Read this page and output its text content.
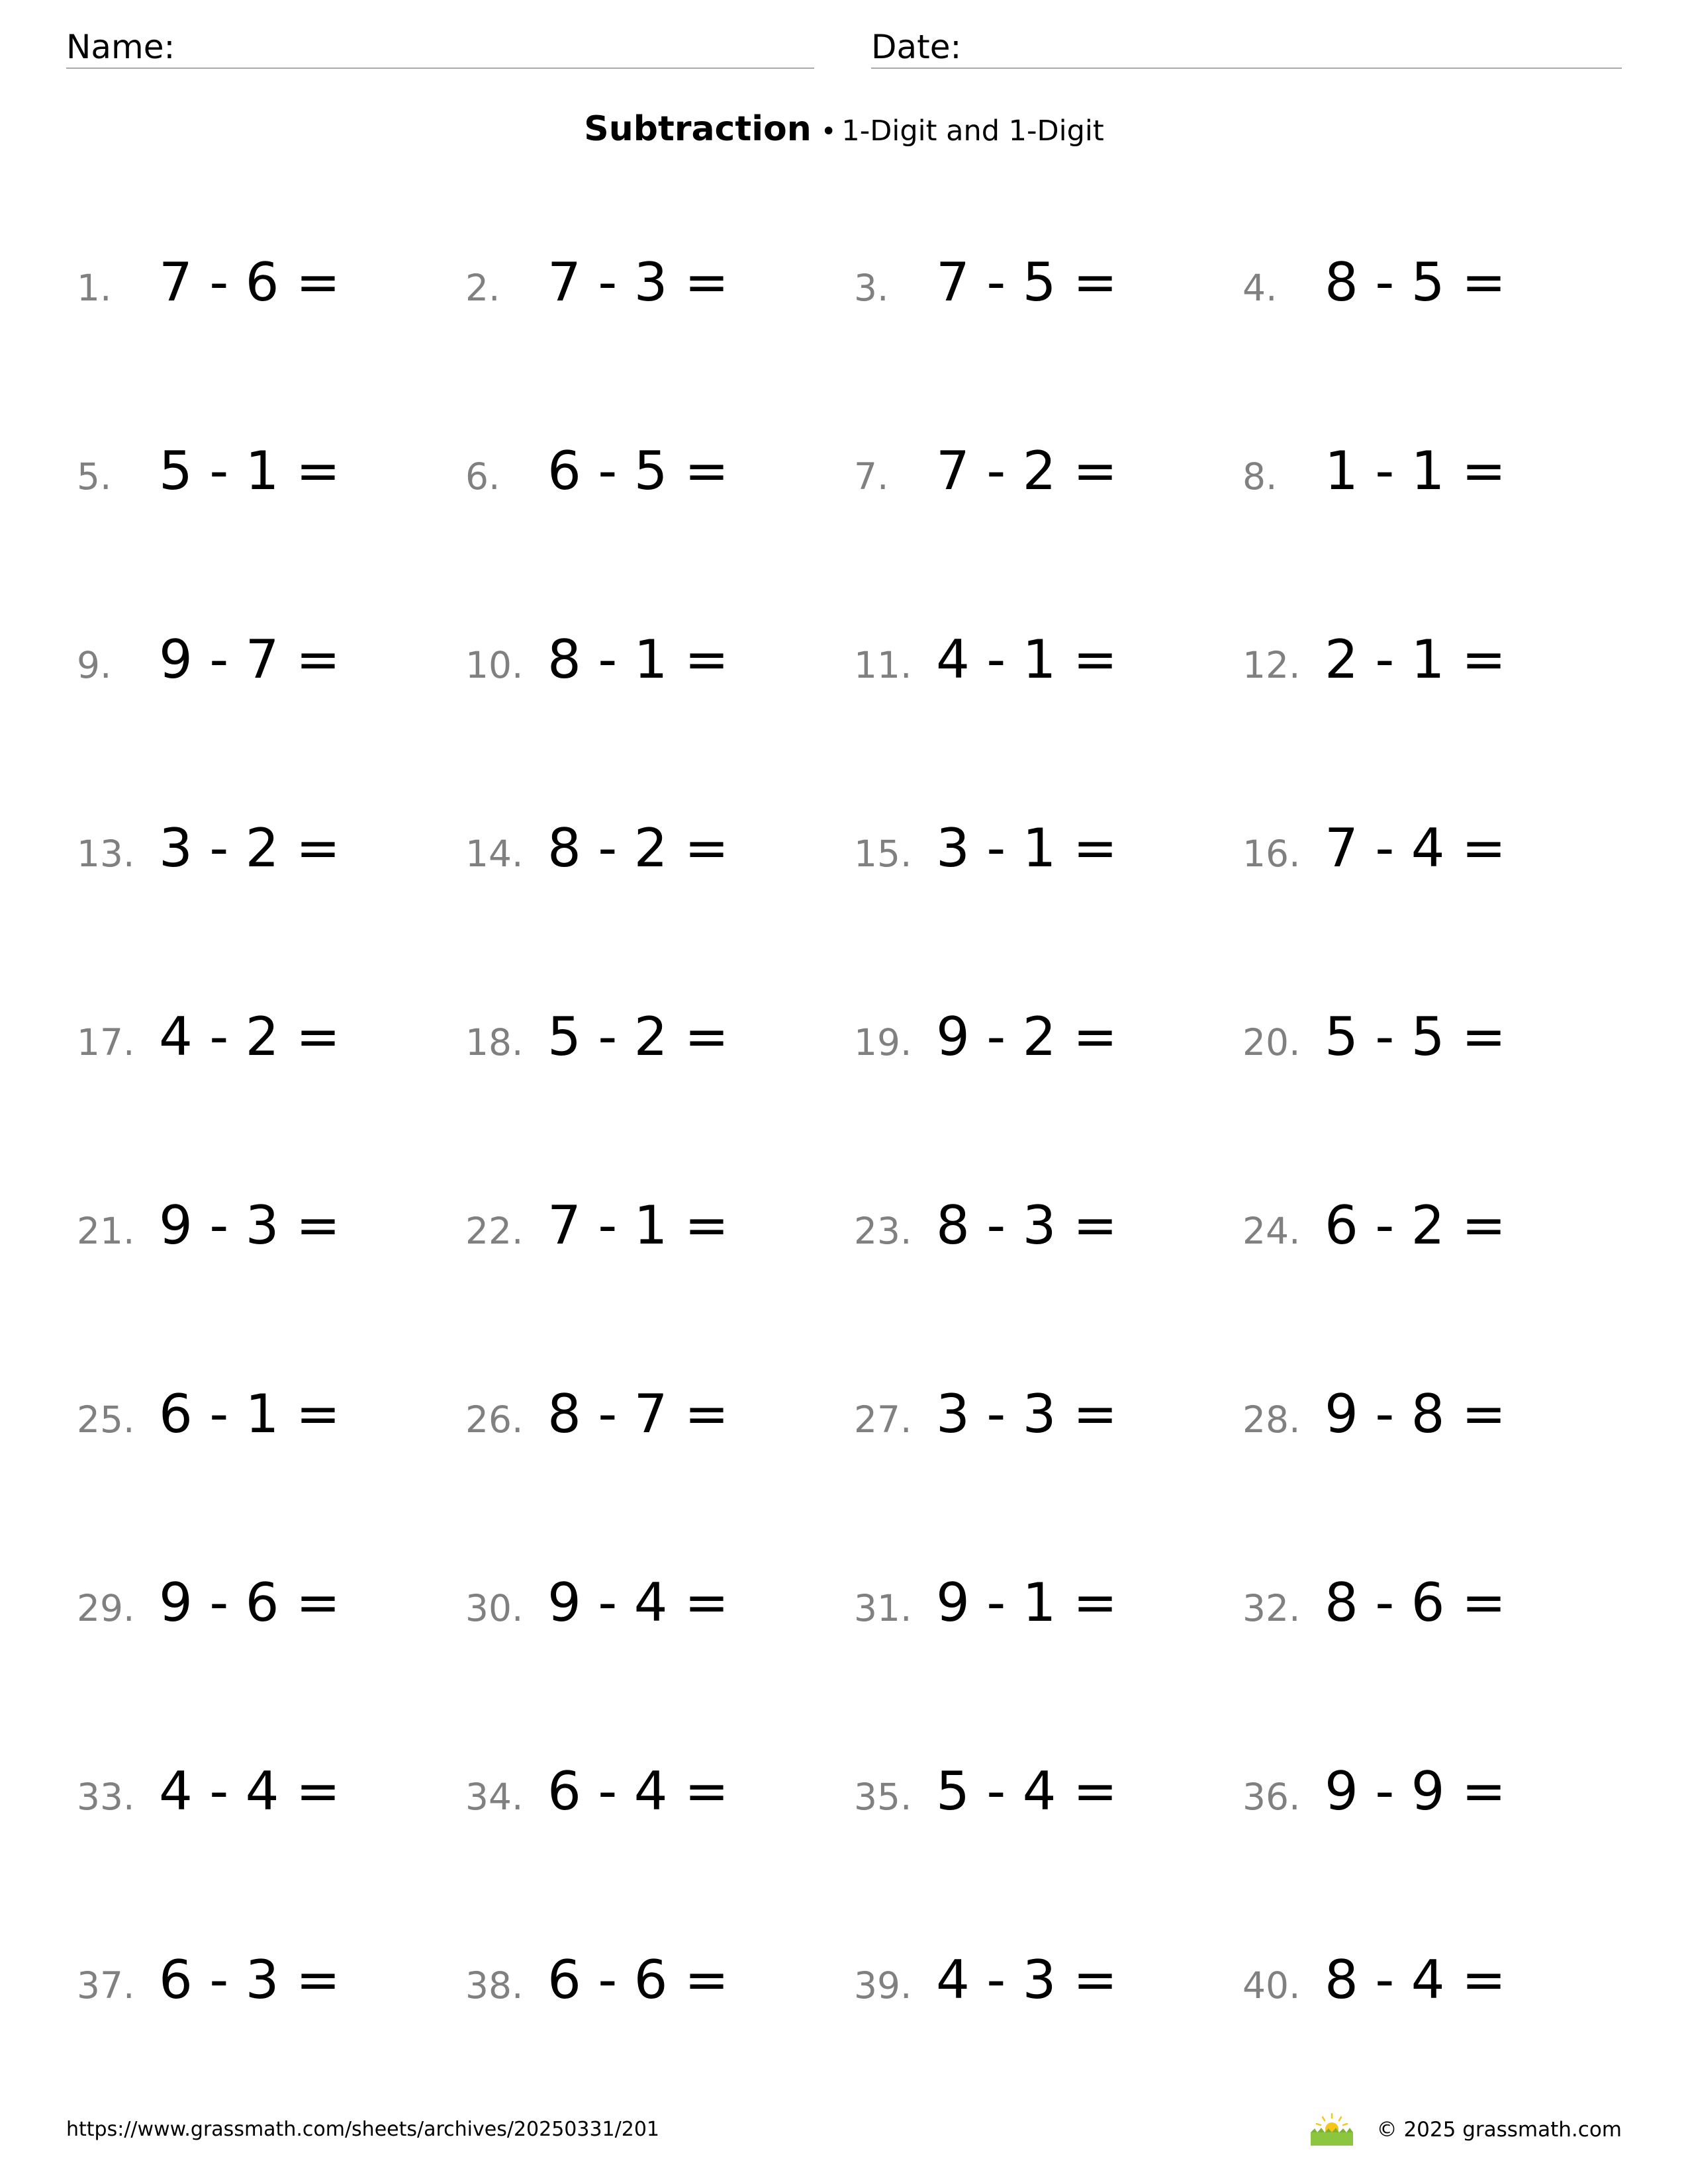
Name:	Date:
Subtraction • 1-Digit and 1-Digit
1. 7 - 6 =	2. 7 - 3 =	3. 7 - 5 =	4. 8 - 5 =
5. 5 - 1 =	6. 6 - 5 =	7. 7 - 2 =	8. 1 - 1 =
9. 9 - 7 =	10. 8 - 1 =	11. 4 - 1 =	12. 2 - 1 =
13. 3 - 2 =	14. 8 - 2 =	15. 3 - 1 =	16. 7 - 4 =
17. 4 - 2 =	18. 5 - 2 =	19. 9 - 2 =	20. 5 - 5 =
21. 9 - 3 =	22. 7 - 1 =	23. 8 - 3 =	24. 6 - 2 =
25. 6 - 1 =	26. 8 - 7 =	27. 3 - 3 =	28. 9 - 8 =
29. 9 - 6 =	30. 9 - 4 =	31. 9 - 1 =	32. 8 - 6 =
33. 4 - 4 =	34. 6 - 4 =	35. 5 - 4 =	36. 9 - 9 =
37. 6 - 3 =	38. 6 - 6 =	39. 4 - 3 =	40. 8 - 4 =
https://www.grassmath.com/sheets/archives/20250331/201	© 2025 grassmath.com
